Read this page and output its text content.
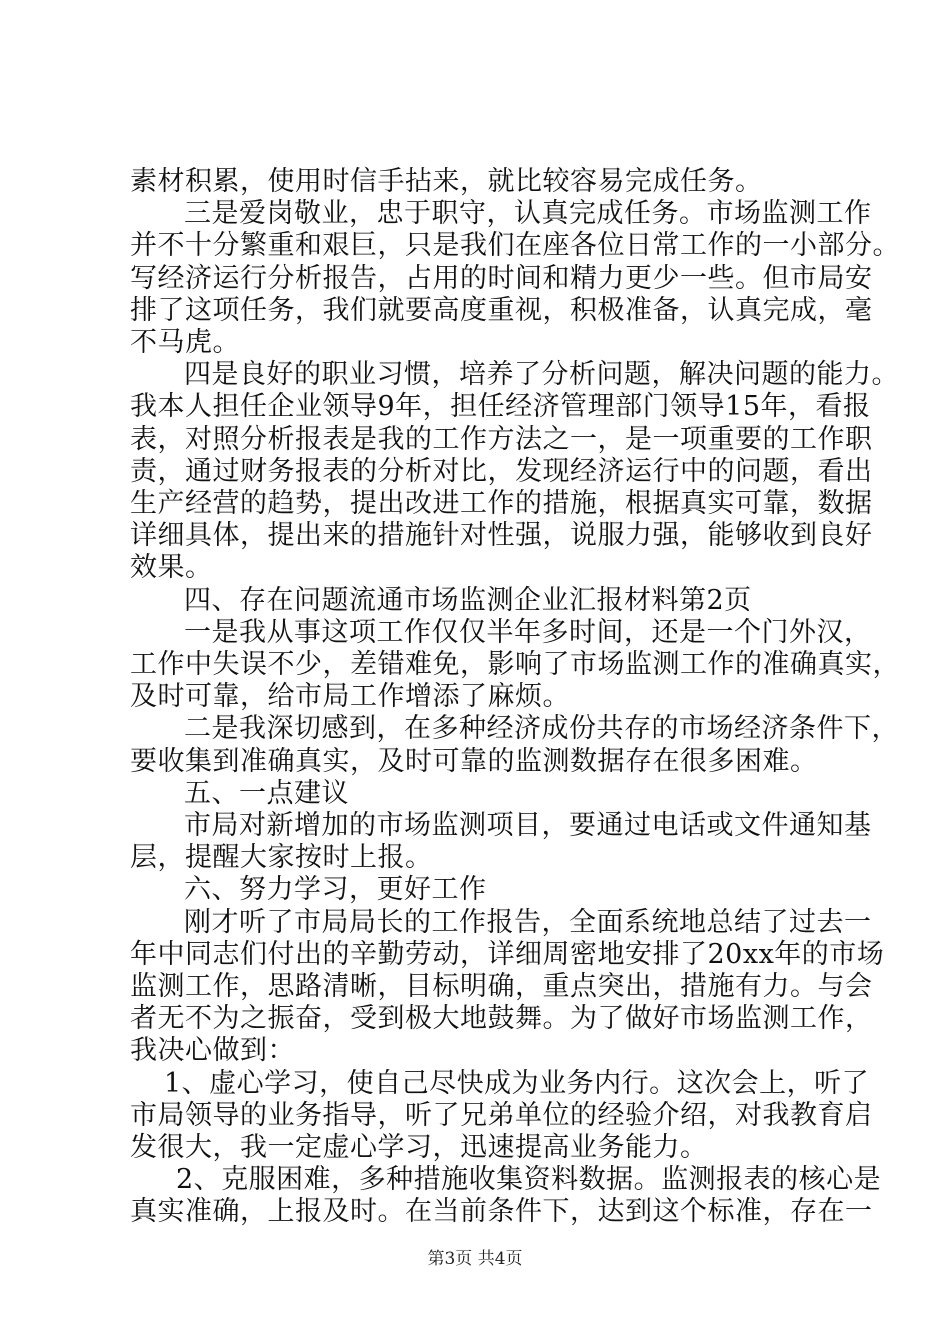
素材积累，使用时信手拈来，就比较容易完成任务。
三是爱岗敬业，忠于职守，认真完成任务。市场监测工作
并不十分繁重和艰巨，只是我们在座各位日常工作的一小部分。
写经济运行分析报告，占用的时间和精力更少一些。但市局安
排了这项任务，我们就要高度重视，积极准备，认真完成，毫
不马虎。
四是良好的职业习惯，培养了分析问题，解决问题的能力。
我本人担任企业领导9年，担任经济管理部门领导15年，看报
表，对照分析报表是我的工作方法之一，是一项重要的工作职
责，通过财务报表的分析对比，发现经济运行中的问题，看出
生产经营的趋势，提出改进工作的措施，根据真实可靠，数据
详细具体，提出来的措施针对性强，说服力强，能够收到良好
效果。
四、存在问题流通市场监测企业汇报材料第2页
一是我从事这项工作仅仅半年多时间，还是一个门外汉，
工作中失误不少，差错难免，影响了市场监测工作的准确真实，
及时可靠，给市局工作增添了麻烦。
二是我深切感到，在多种经济成份共存的市场经济条件下，
要收集到准确真实，及时可靠的监测数据存在很多困难。
五、一点建议
市局对新增加的市场监测项目，要通过电话或文件通知基
层，提醒大家按时上报。
六、努力学习，更好工作
刚才听了市局局长的工作报告，全面系统地总结了过去一
年中同志们付出的辛勤劳动，详细周密地安排了20xx年的市场
监测工作，思路清晰，目标明确，重点突出，措施有力。与会
者无不为之振奋，受到极大地鼓舞。为了做好市场监测工作，
我决心做到：
1、虚心学习，使自己尽快成为业务内行。这次会上，听了
市局领导的业务指导，听了兄弟单位的经验介绍，对我教育启
发很大，我一定虚心学习，迅速提高业务能力。
2、克服困难，多种措施收集资料数据。监测报表的核心是
真实准确，上报及时。在当前条件下，达到这个标准，存在一
第3页 共4页
